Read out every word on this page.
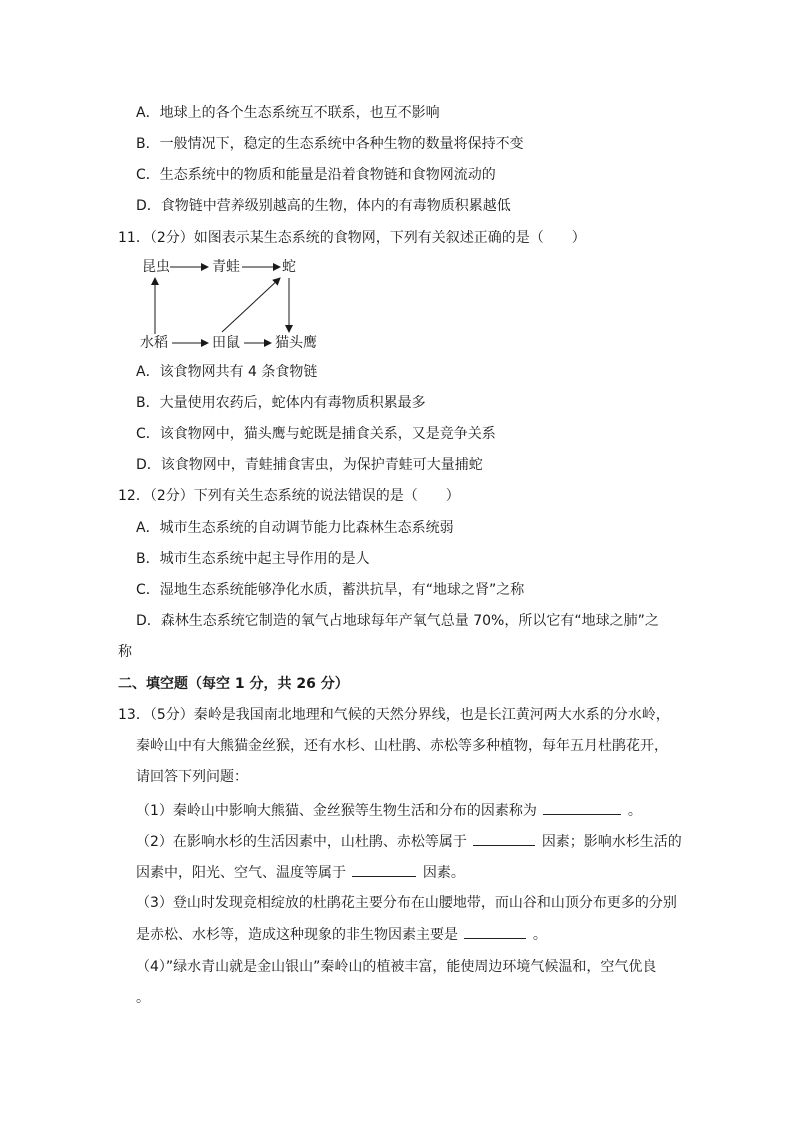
A．地球上的各个生态系统互不联系，也互不影响
B．一般情况下，稳定的生态系统中各种生物的数量将保持不变
C．生态系统中的物质和能量是沿着食物链和食物网流动的
D．食物链中营养级别越高的生物，体内的有毒物质积累越低
11．（2分）如图表示某生态系统的食物网，下列有关叙述正确的是（　　）
昆虫	青蛙	蛇
水稻	田鼠	猫头鹰
A．该食物网共有 4 条食物链
B．大量使用农药后，蛇体内有毒物质积累最多
C．该食物网中，猫头鹰与蛇既是捕食关系，又是竞争关系
D．该食物网中，青蛙捕食害虫，为保护青蛙可大量捕蛇
12．（2分）下列有关生态系统的说法错误的是（　　）
A．城市生态系统的自动调节能力比森林生态系统弱
B．城市生态系统中起主导作用的是人
C．湿地生态系统能够净化水质，蓄洪抗旱，有“地球之肾”之称
D．森林生态系统它制造的氧气占地球每年产氧气总量 70%，所以它有“地球之肺”之
称
二、填空题（每空 1 分，共 26 分）
13．（5分）秦岭是我国南北地理和气候的天然分界线，也是长江黄河两大水系的分水岭，
秦岭山中有大熊猫金丝猴，还有水杉、山杜鹃、赤松等多种植物，每年五月杜鹃花开，
请回答下列问题：
（1）秦岭山中影响大熊猫、金丝猴等生物生活和分布的因素称为	。
（2）在影响水杉的生活因素中，山杜鹃、赤松等属于	因素；影响水杉生活的
因素中，阳光、空气、温度等属于	因素。
（3）登山时发现竞相绽放的杜鹃花主要分布在山腰地带，而山谷和山顶分布更多的分别
是赤松、水杉等，造成这种现象的非生物因素主要是	。
（4）”绿水青山就是金山银山”秦岭山的植被丰富，能使周边环境气候温和，空气优良
。
